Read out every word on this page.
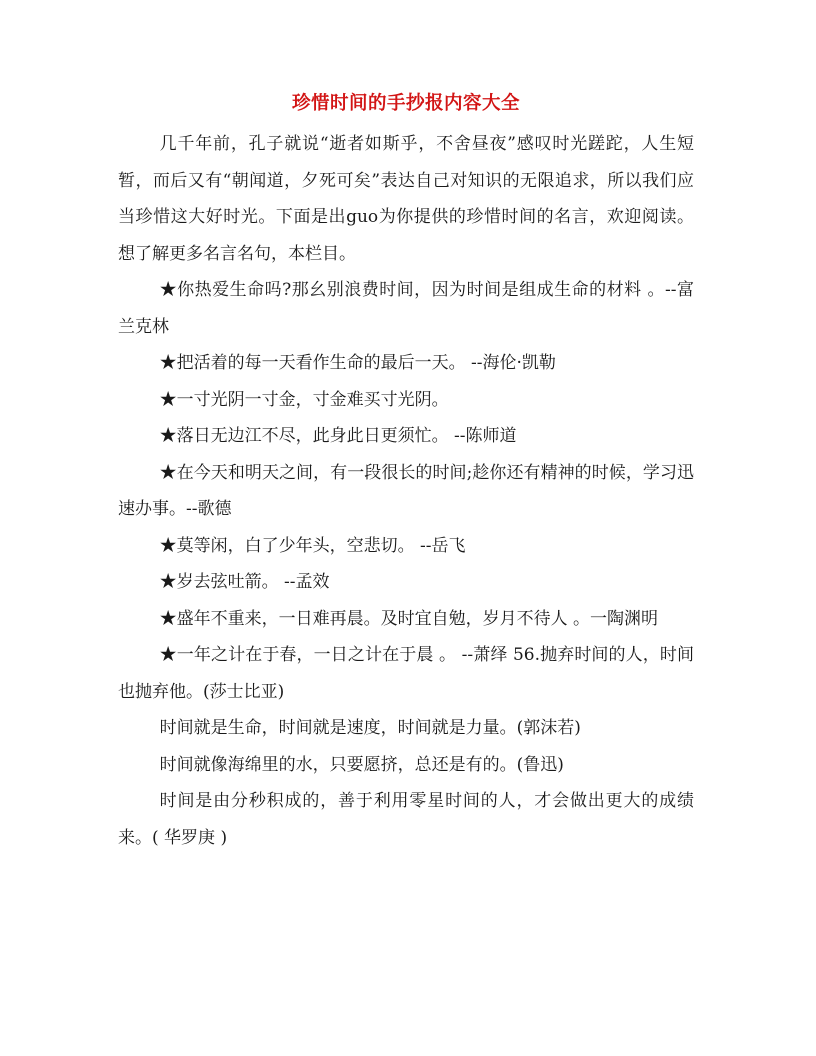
珍惜时间的手抄报内容大全

几千年前，孔子就说“逝者如斯乎，不舍昼夜”感叹时光蹉跎，人生短暂，而后又有“朝闻道，夕死可矣”表达自己对知识的无限追求，所以我们应当珍惜这大好时光。下面是出guo为你提供的珍惜时间的名言，欢迎阅读。想了解更多名言名句，本栏目。

★你热爱生命吗?那幺别浪费时间，因为时间是组成生命的材料 。--富兰克林

★把活着的每一天看作生命的最后一天。 --海伦·凯勒

★一寸光阴一寸金，寸金难买寸光阴。

★落日无边江不尽，此身此日更须忙。 --陈师道

★在今天和明天之间，有一段很长的时间;趁你还有精神的时候，学习迅速办事。--歌德

★莫等闲，白了少年头，空悲切。 --岳飞

★岁去弦吐箭。 --孟效

★盛年不重来，一日难再晨。及时宜自勉，岁月不待人 。一陶渊明

★一年之计在于春，一日之计在于晨 。 --萧绎 56.抛弃时间的人，时间也抛弃他。(莎士比亚)

时间就是生命，时间就是速度，时间就是力量。(郭沫若)

时间就像海绵里的水，只要愿挤，总还是有的。(鲁迅)

时间是由分秒积成的，善于利用零星时间的人，才会做出更大的成绩来。( 华罗庚 )
